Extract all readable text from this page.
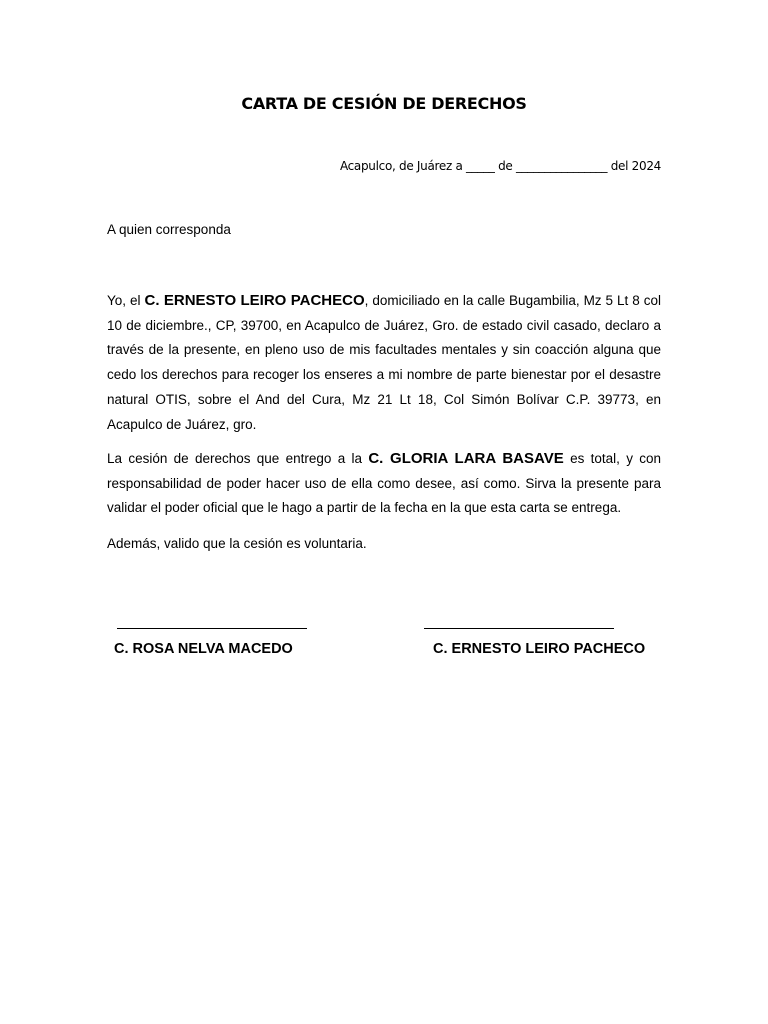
CARTA DE CESIÓN DE DERECHOS
Acapulco, de Juárez a _____ de ________________ del 2024
A quien corresponda

Yo, el C. ERNESTO LEIRO PACHECO, domiciliado en la calle Bugambilia, Mz 5 Lt 8 col 10 de diciembre., CP, 39700, en Acapulco de Juárez, Gro. de estado civil casado, declaro a través de la presente, en pleno uso de mis facultades mentales y sin coacción alguna que cedo los derechos para recoger los enseres a mi nombre de parte bienestar por el desastre natural OTIS, sobre el And del Cura, Mz 21 Lt 18, Col Simón Bolívar C.P. 39773, en Acapulco de Juárez, gro.

La cesión de derechos que entrego a la C. GLORIA LARA BASAVE es total, y con responsabilidad de poder hacer uso de ella como desee, así como. Sirva la presente para validar el poder oficial que le hago a partir de la fecha en la que esta carta se entrega.

Además, valido que la cesión es voluntaria.

C. ROSA NELVA MACEDO	C. ERNESTO LEIRO PACHECO
